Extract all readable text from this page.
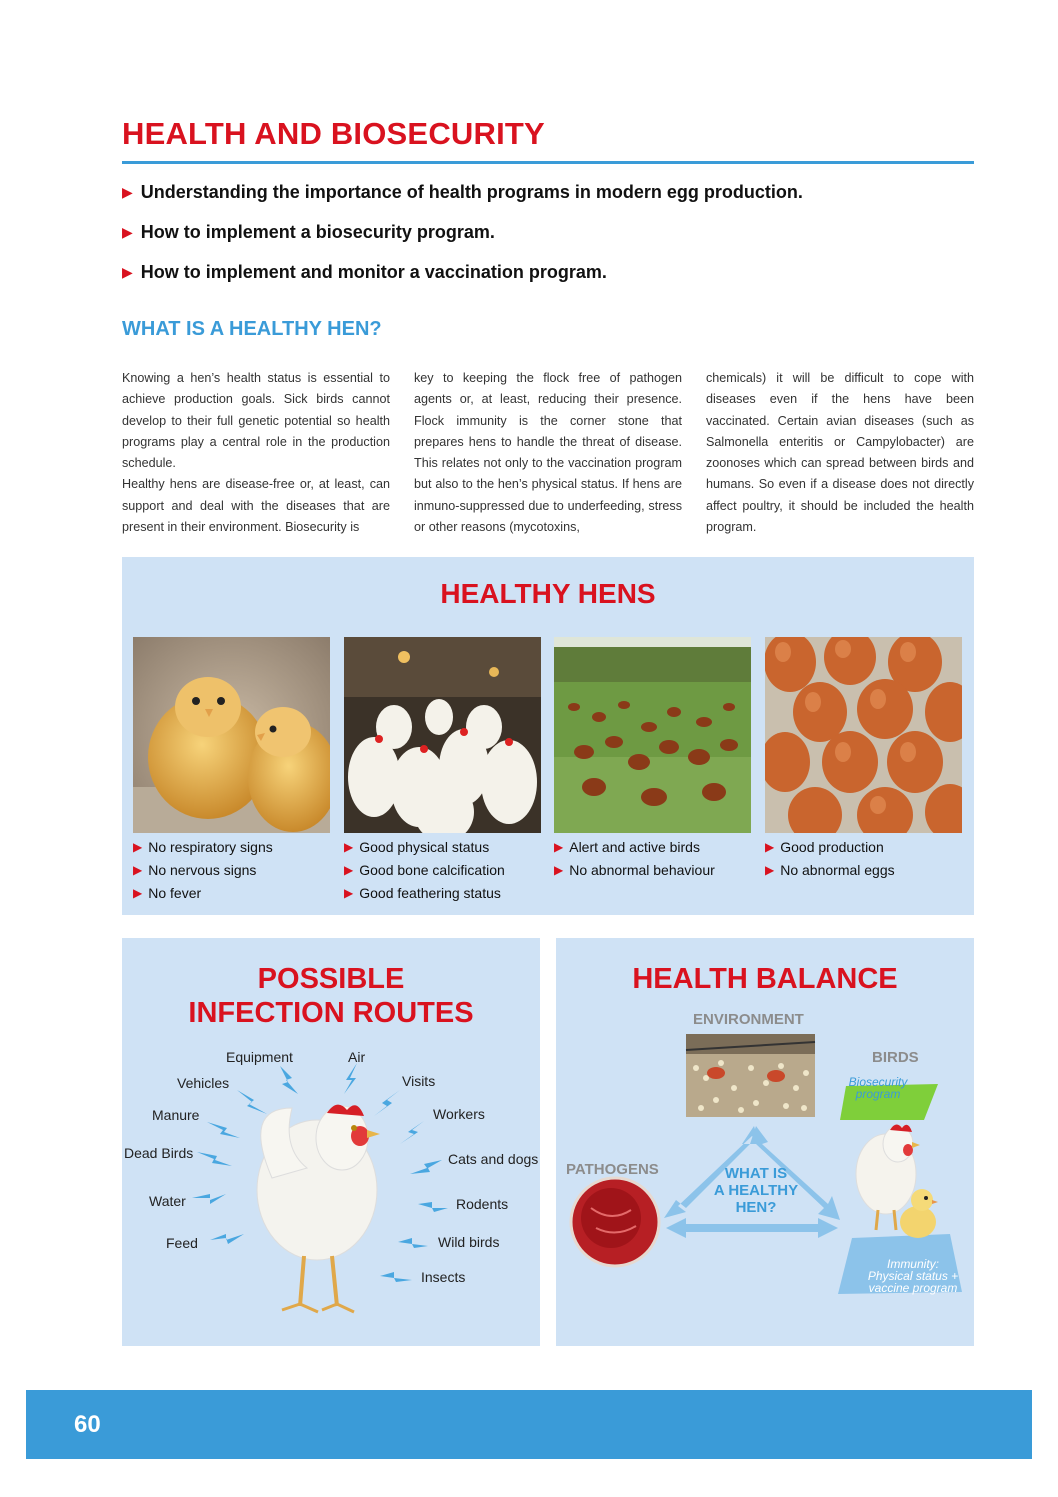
HEALTH AND BIOSECURITY
▶ Understanding the importance of health programs in modern egg production.
▶ How to implement a biosecurity program.
▶ How to implement and monitor a vaccination program.
WHAT IS A HEALTHY HEN?

Knowing a hen’s health status is essential to achieve production goals. Sick birds cannot develop to their full genetic potential so health programs play a central role in the production schedule.

Healthy hens are disease-free or, at least, can support and deal with the diseases that are present in their environment. Biosecurity is

key to keeping the flock free of pathogen agents or, at least, reducing their presence. Flock immunity is the corner stone that prepares hens to handle the threat of disease. This relates not only to the vaccination program but also to the hen’s physical status. If hens are inmuno-suppressed due to underfeeding, stress or other reasons (mycotoxins,
chemicals) it will be difficult to cope with diseases even if the hens have been vaccinated. Certain avian diseases (such as Salmonella enteritis or Campylobacter) are zoonoses which can spread between birds and humans. So even if a disease does not directly affect poultry, it should be included the health program.
HEALTHY HENS
▶ No respiratory signs
▶ No nervous signs
▶ No fever
▶ Good physical status
▶ Good bone calcification
▶ Good feathering status
▶ Alert and active birds
▶ No abnormal behaviour
▶ Good production
▶ No abnormal eggs
POSSIBLE
INFECTION ROUTES
Equipment	Air
Vehicles	Visits
Manure	Workers
Dead Birds	Cats and dogs
Water	Rodents
Feed	Wild birds
Insects
HEALTH BALANCE
ENVIRONMENT
BIRDS
PATHOGENS	WHAT IS
A HEALTHY
HEN?
Biosecurity
program
Immunity:
Physical status +
vaccine program
60
